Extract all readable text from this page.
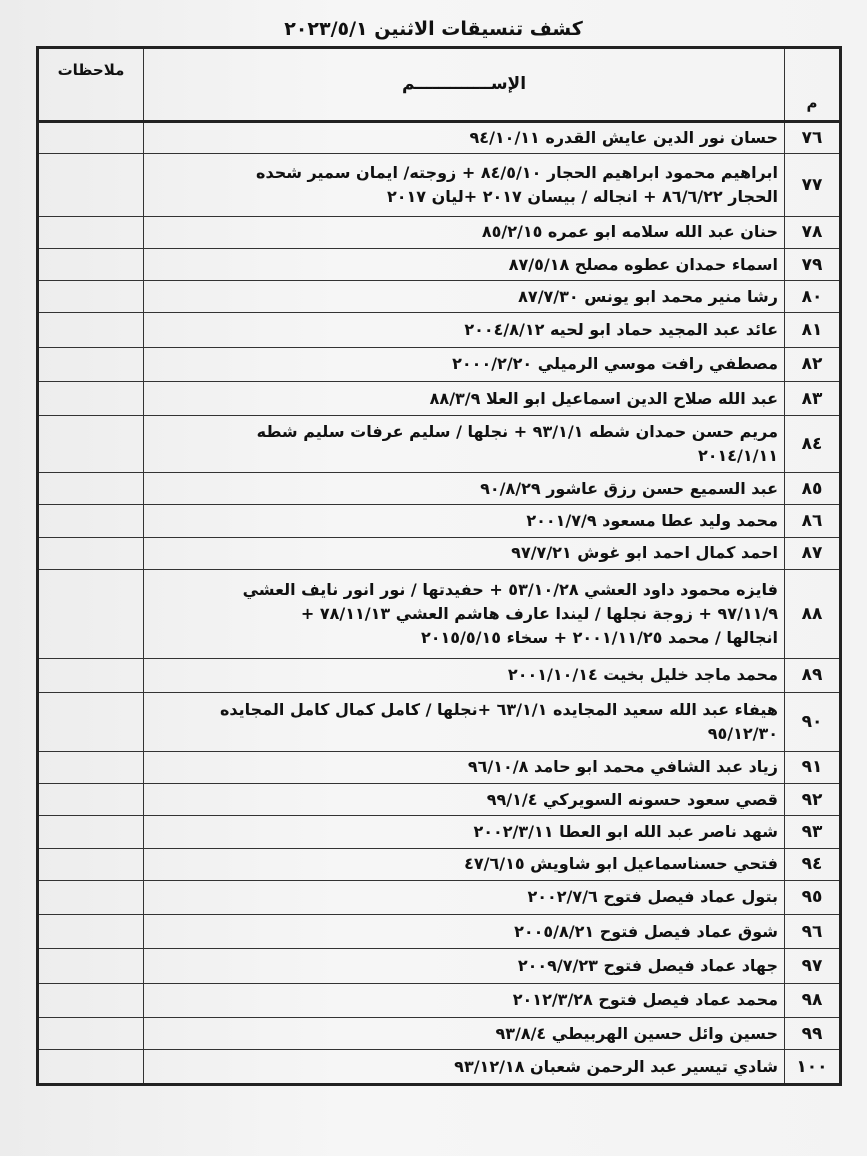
كشف تنسيقات الاثنين ٢٠٢٣/٥/١
م	الإســـــــــــــم	ملاحظات
٧٦	حسان نور الدين عايش القدره ٩٤/١٠/١١	

٧٧	ابراهيم محمود ابراهيم الحجار ٨٤/٥/١٠ + زوجته/ ايمان سمير شحده
الحجار ٨٦/٦/٢٢ + انجاله / بيسان ٢٠١٧ +ليان ٢٠١٧	

٧٨	حنان عبد الله سلامه ابو عمره ٨٥/٢/١٥	

٧٩	اسماء حمدان عطوه مصلح ٨٧/٥/١٨	

٨٠	رشا منير محمد ابو يونس ٨٧/٧/٣٠	

٨١	عائد عبد المجيد حماد ابو لحيه ٢٠٠٤/٨/١٢	

٨٢	مصطفي رافت موسي الرميلي ٢٠٠٠/٢/٢٠	

٨٣	عبد الله صلاح الدين اسماعيل ابو العلا ٨٨/٣/٩	

٨٤	مريم حسن حمدان شطه ٩٣/١/١ + نجلها / سليم عرفات سليم شطه
٢٠١٤/١/١١	

٨٥	عبد السميع حسن رزق عاشور ٩٠/٨/٢٩	

٨٦	محمد وليد عطا مسعود ٢٠٠١/٧/٩	

٨٧	احمد كمال احمد ابو غوش ٩٧/٧/٢١	

٨٨	فايزه محمود داود العشي ٥٣/١٠/٢٨ + حفيدتها / نور انور نايف العشي
٩٧/١١/٩ + زوجة نجلها / ليندا عارف هاشم العشي ٧٨/١١/١٣ +
انجالها / محمد ٢٠٠١/١١/٢٥ + سخاء ٢٠١٥/٥/١٥	

٨٩	محمد ماجد خليل بخيت ٢٠٠١/١٠/١٤	

٩٠	هيفاء عبد الله سعيد المجايده ٦٣/١/١ +نجلها / كامل كمال كامل المجايده
٩٥/١٢/٣٠	

٩١	زياد عبد الشافي محمد ابو حامد ٩٦/١٠/٨	

٩٢	قصي سعود حسونه السويركي ٩٩/١/٤	

٩٣	شهد ناصر عبد الله ابو العطا ٢٠٠٢/٣/١١	

٩٤	فتحي حسناسماعيل ابو شاويش ٤٧/٦/١٥	

٩٥	بتول عماد فيصل فتوح ٢٠٠٢/٧/٦	

٩٦	شوق عماد فيصل فتوح ٢٠٠٥/٨/٢١	

٩٧	جهاد عماد فيصل فتوح ٢٠٠٩/٧/٢٣	

٩٨	محمد عماد فيصل فتوح ٢٠١٢/٣/٢٨	

٩٩	حسين وائل حسين الهربيطي ٩٣/٨/٤	

١٠٠	شادي تيسير عبد الرحمن شعبان ٩٣/١٢/١٨	
